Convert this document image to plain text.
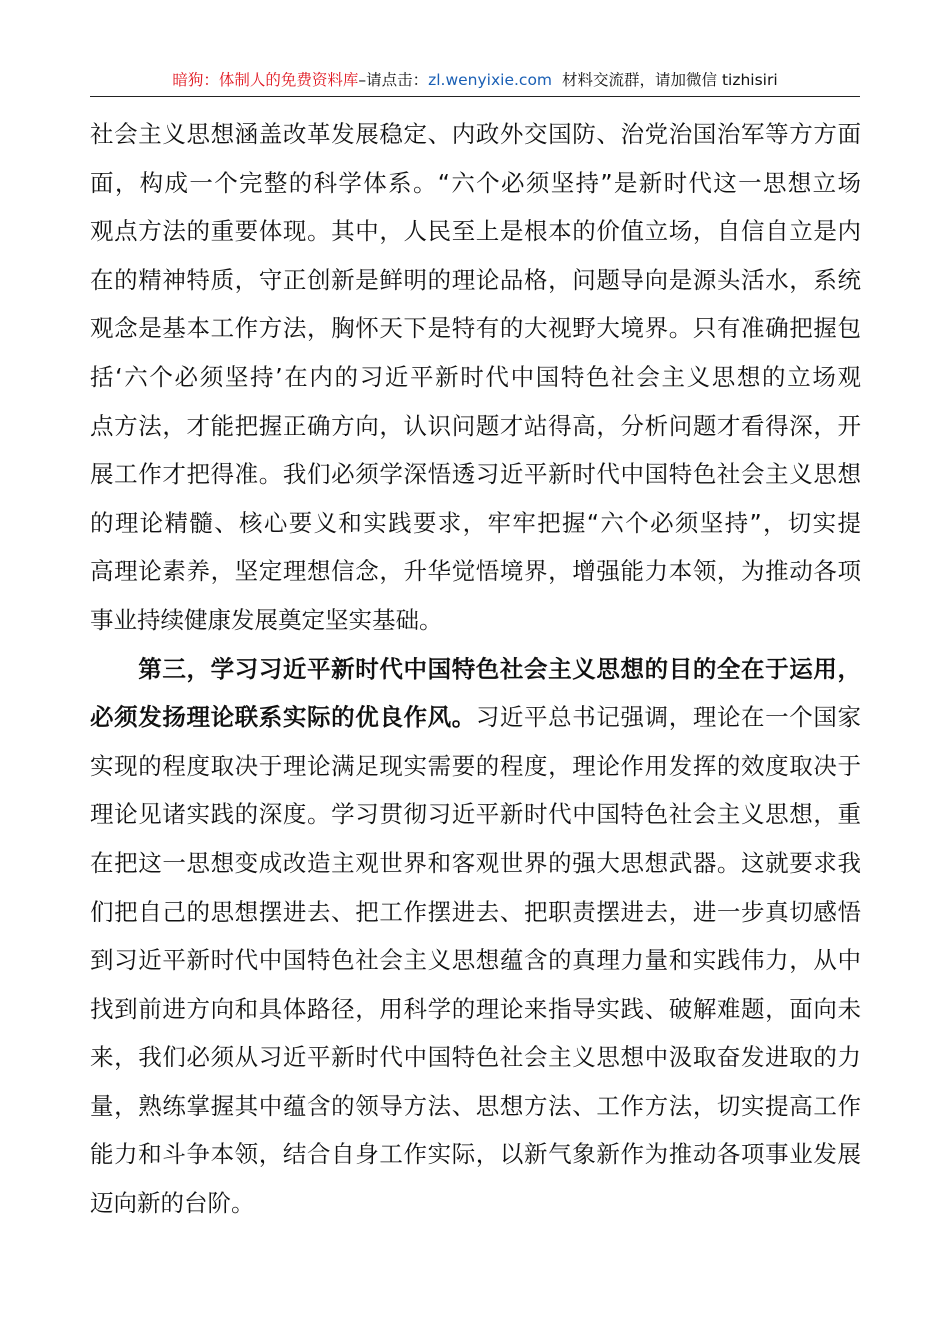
暗狗：体制人的免费资料库–请点击：zl.wenyixie.com 材料交流群，请加微信 tizhisiri
社会主义思想涵盖改革发展稳定、内政外交国防、治党治国治军等方方面
面，构成一个完整的科学体系。“六个必须坚持”是新时代这一思想立场
观点方法的重要体现。其中，人民至上是根本的价值立场，自信自立是内
在的精神特质，守正创新是鲜明的理论品格，问题导向是源头活水，系统
观念是基本工作方法，胸怀天下是特有的大视野大境界。只有准确把握包
括‘六个必须坚持’在内的习近平新时代中国特色社会主义思想的立场观
点方法，才能把握正确方向，认识问题才站得高，分析问题才看得深，开
展工作才把得准。我们必须学深悟透习近平新时代中国特色社会主义思想
的理论精髓、核心要义和实践要求，牢牢把握“六个必须坚持”，切实提
高理论素养，坚定理想信念，升华觉悟境界，增强能力本领，为推动各项
事业持续健康发展奠定坚实基础。
　　第三，学习习近平新时代中国特色社会主义思想的目的全在于运用，
必须发扬理论联系实际的优良作风。习近平总书记强调，理论在一个国家
实现的程度取决于理论满足现实需要的程度，理论作用发挥的效度取决于
理论见诸实践的深度。学习贯彻习近平新时代中国特色社会主义思想，重
在把这一思想变成改造主观世界和客观世界的强大思想武器。这就要求我
们把自己的思想摆进去、把工作摆进去、把职责摆进去，进一步真切感悟
到习近平新时代中国特色社会主义思想蕴含的真理力量和实践伟力，从中
找到前进方向和具体路径，用科学的理论来指导实践、破解难题，面向未
来，我们必须从习近平新时代中国特色社会主义思想中汲取奋发进取的力
量，熟练掌握其中蕴含的领导方法、思想方法、工作方法，切实提高工作
能力和斗争本领，结合自身工作实际，以新气象新作为推动各项事业发展
迈向新的台阶。
